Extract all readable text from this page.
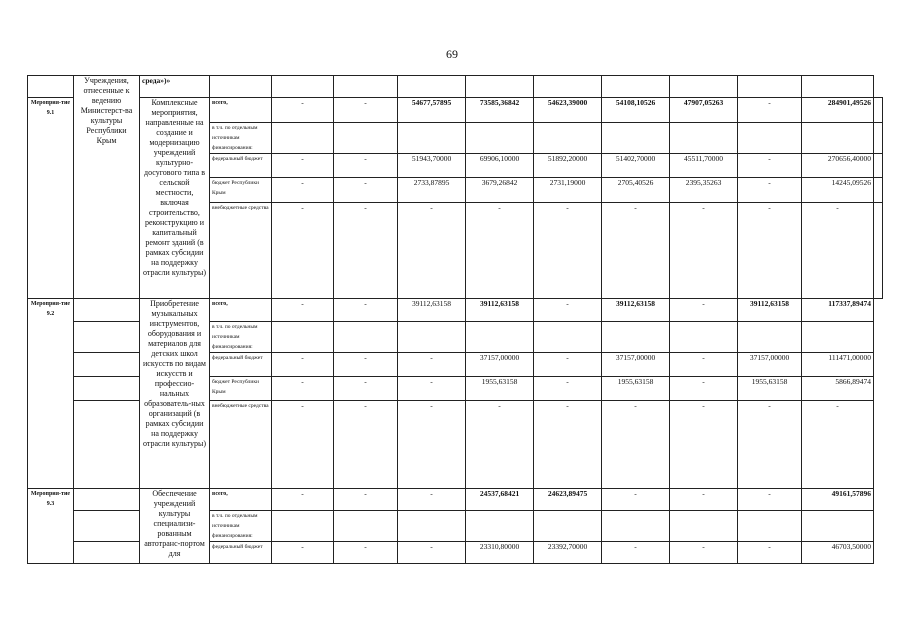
69
	Учреждения, отнесенные к ведению Министерст-ва культуры Республики Крым	среда»)»											
Мероприя-тие 9.1		Комплексные мероприятия, направленные на создание и модернизацию учреждений культурно-досугового типа в сельской местности, включая строительство, реконструкцию и капитальный ремонт зданий (в рамках субсидии на поддержку отрасли культуры)	всего,	-	-	54677,57895	73585,36842	54623,39000	54108,10526	47907,05263	-	284901,49526	
			в т.ч. по отдельным источникам финансирования:										
			федеральный бюджет	-	-	51943,70000	69906,10000	51892,20000	51402,70000	45511,70000	-	270656,40000	
			бюджет Республики Крым	-	-	2733,87895	3679,26842	2731,19000	2705,40526	2395,35263	-	14245,09526	
			внебюджетные средства	-	-	-	-	-	-	-	-	-	
Мероприя-тие 9.2		Приобретение музыкальных инструментов, оборудования и материалов для детских школ искусств по видам искусств и профессио-нальных образователь-ных организаций (в рамках субсидии на поддержку отрасли культуры)	всего,	-	-	39112,63158	39112,63158	-	39112,63158	-	39112,63158	117337,89474	
			в т.ч. по отдельным источникам финансирования:										
			федеральный бюджет	-	-	-	37157,00000	-	37157,00000	-	37157,00000	111471,00000	
			бюджет Республики Крым	-	-	-	1955,63158	-	1955,63158	-	1955,63158	5866,89474	
			внебюджетные средства	-	-	-	-	-	-	-	-	-	
Мероприя-тие 9.3		Обеспечение учреждений культуры специализи-рованным автотранс-портом для	всего,	-	-	-	24537,68421	24623,89475	-	-	-	49161,57896	
			в т.ч. по отдельным источникам финансирования:										
			федеральный бюджет	-	-	-	23310,80000	23392,70000	-	-	-	46703,50000	
